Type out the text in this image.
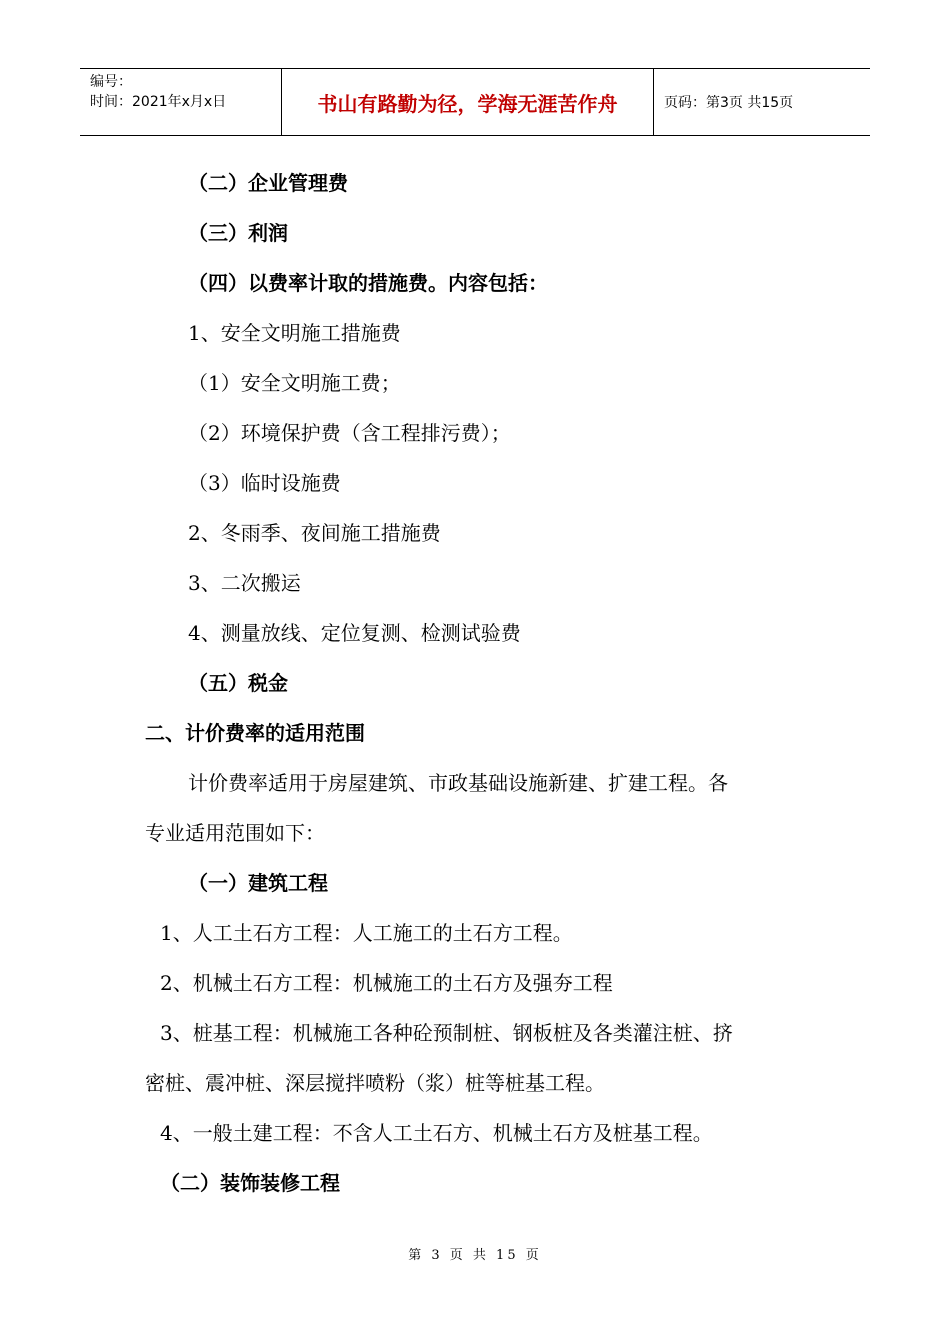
编号：
时间：2021年x月x日	书山有路勤为径，学海无涯苦作舟	页码：第3页 共15页
（二）企业管理费
（三）利润
（四）以费率计取的措施费。内容包括：
1、安全文明施工措施费
（1）安全文明施工费；
（2）环境保护费（含工程排污费）；
（3）临时设施费
2、冬雨季、夜间施工措施费
3、二次搬运
4、测量放线、定位复测、检测试验费
（五）税金
二、计价费率的适用范围
计价费率适用于房屋建筑、市政基础设施新建、扩建工程。各
专业适用范围如下：
（一）建筑工程
1、人工土石方工程：人工施工的土石方工程。
2、机械土石方工程：机械施工的土石方及强夯工程
3、桩基工程：机械施工各种砼预制桩、钢板桩及各类灌注桩、挤
密桩、震冲桩、深层搅拌喷粉（浆）桩等桩基工程。
4、一般土建工程：不含人工土石方、机械土石方及桩基工程。
（二）装饰装修工程
第 3 页 共 15 页
